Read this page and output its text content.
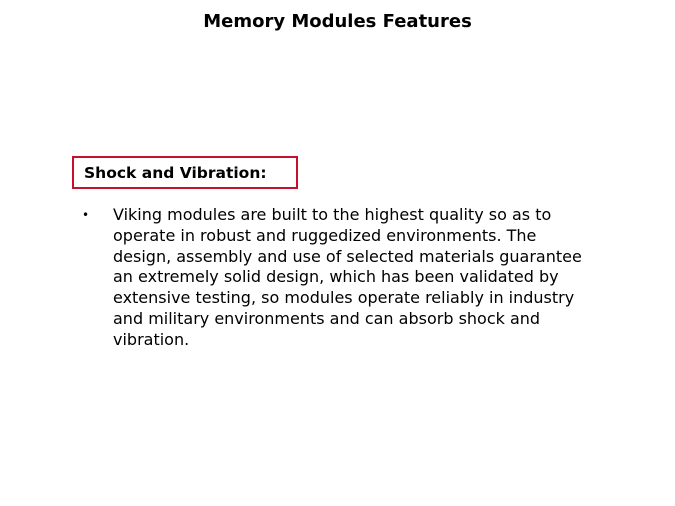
Memory Modules Features
Shock and Vibration:
•	Viking modules are built to the highest quality so as to operate in robust and ruggedized environments. The design, assembly and use of selected materials guarantee an extremely solid design, which has been validated by extensive testing, so modules operate reliably in industry and military environments and can absorb shock and vibration.
